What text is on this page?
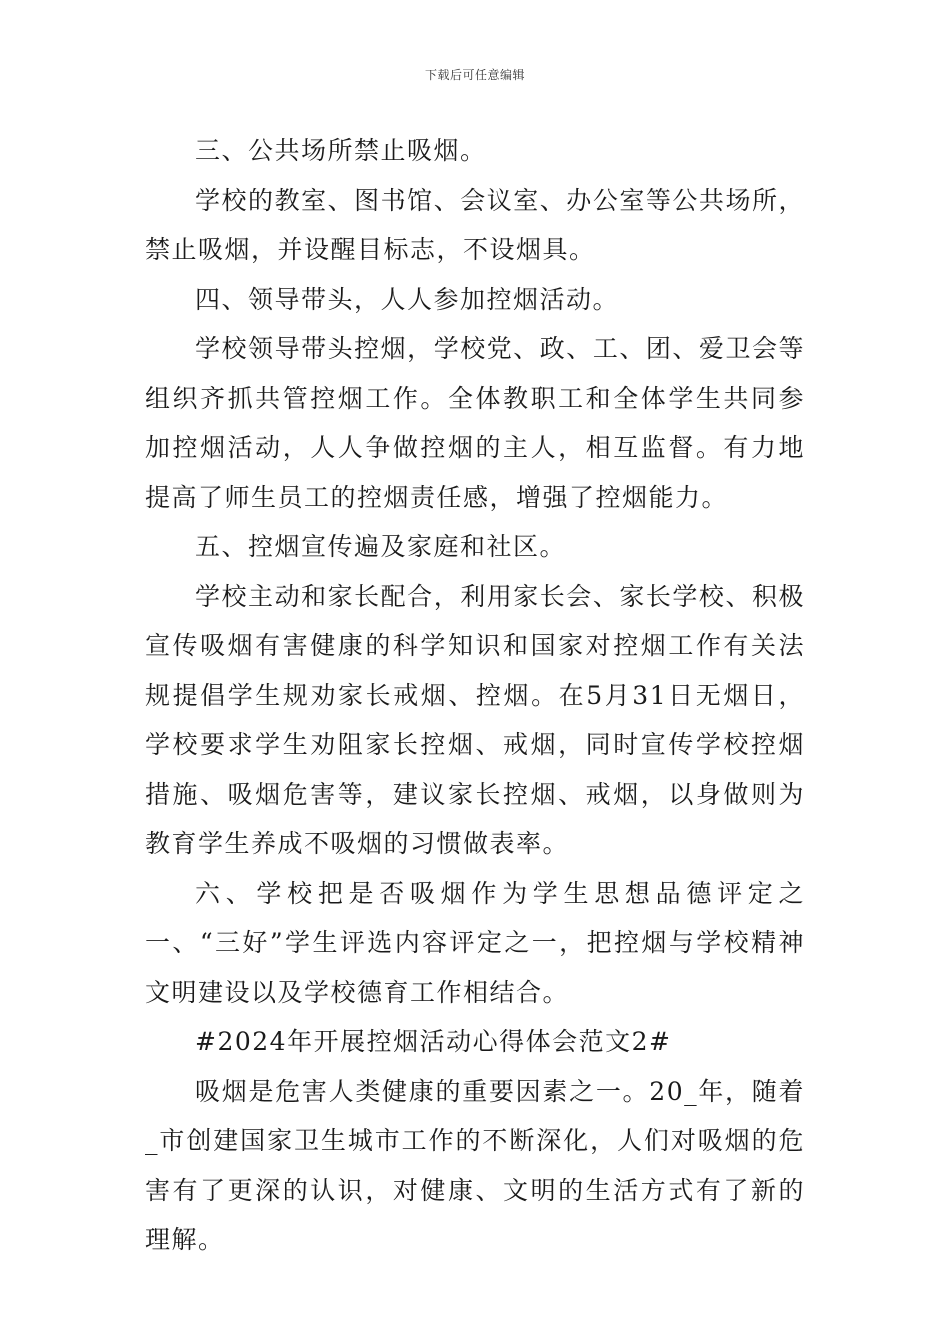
下载后可任意编辑

三、公共场所禁止吸烟。

学校的教室、图书馆、会议室、办公室等公共场所，禁止吸烟，并设醒目标志，不设烟具。

四、领导带头，人人参加控烟活动。

学校领导带头控烟，学校党、政、工、团、爱卫会等组织齐抓共管控烟工作。全体教职工和全体学生共同参加控烟活动，人人争做控烟的主人，相互监督。有力地提高了师生员工的控烟责任感，增强了控烟能力。

五、控烟宣传遍及家庭和社区。

学校主动和家长配合，利用家长会、家长学校、积极宣传吸烟有害健康的科学知识和国家对控烟工作有关法规提倡学生规劝家长戒烟、控烟。在5月31日无烟日，学校要求学生劝阻家长控烟、戒烟，同时宣传学校控烟措施、吸烟危害等，建议家长控烟、戒烟，以身做则为教育学生养成不吸烟的习惯做表率。

六、学校把是否吸烟作为学生思想品德评定之一、“三好”学生评选内容评定之一，把控烟与学校精神文明建设以及学校德育工作相结合。

#2024年开展控烟活动心得体会范文2#

吸烟是危害人类健康的重要因素之一。20_年，随着_市创建国家卫生城市工作的不断深化，人们对吸烟的危害有了更深的认识，对健康、文明的生活方式有了新的理解。
